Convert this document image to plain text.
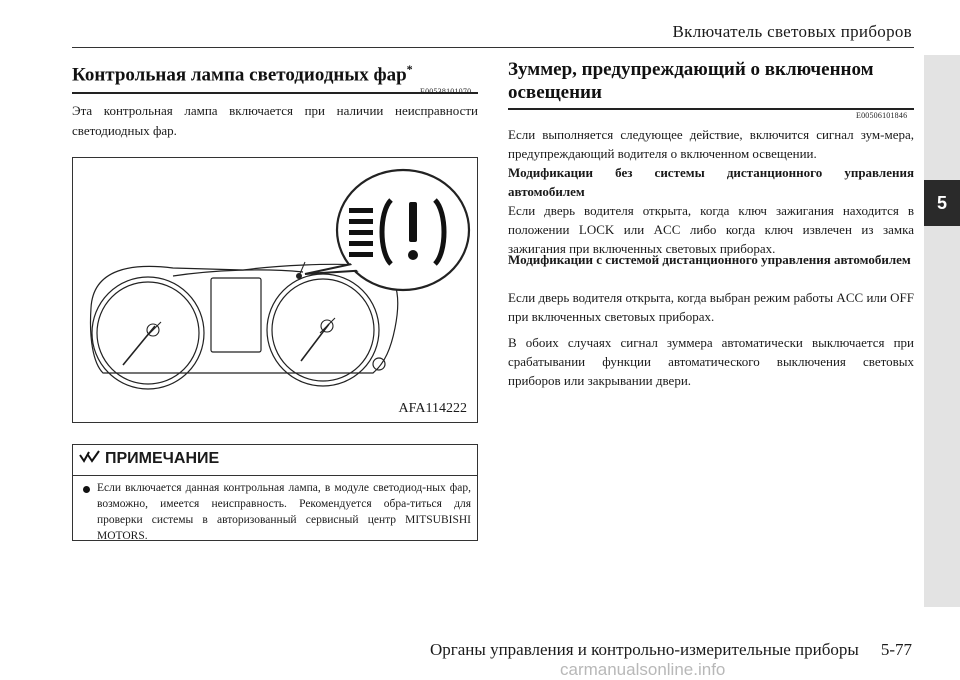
Включатель световых приборов
5
Контрольная лампа светодиодных фар*
E00538101070
Эта контрольная лампа включается при наличии неисправности светодиодных фар.
AFA114222
ПРИМЕЧАНИЕ
Если включается данная контрольная лампа, в модуле светодиод-ных фар, возможно, имеется неисправность. Рекомендуется обра-титься для проверки системы в авторизованный сервисный центр MITSUBISHI MOTORS.
Зуммер, предупреждающий о включенном освещении
E00506101846
Если выполняется следующее действие, включится сигнал зум-мера, предупреждающий водителя о включенном освещении.
Модификации без системы дистанционного управления автомобилем
Если дверь водителя открыта, когда ключ зажигания находится в положении LOCK или ACC либо когда ключ извлечен из замка зажигания при включенных световых приборах.
Модификации с системой дистанционного управления автомобилем
Если дверь водителя открыта, когда выбран режим работы ACC или OFF при включенных световых приборах.
В обоих случаях сигнал зуммера автоматически выключается при срабатывании функции автоматического выключения световых приборов или закрывании двери.
Органы управления и контрольно-измерительные приборы 5-77
carmanualsonline.info
